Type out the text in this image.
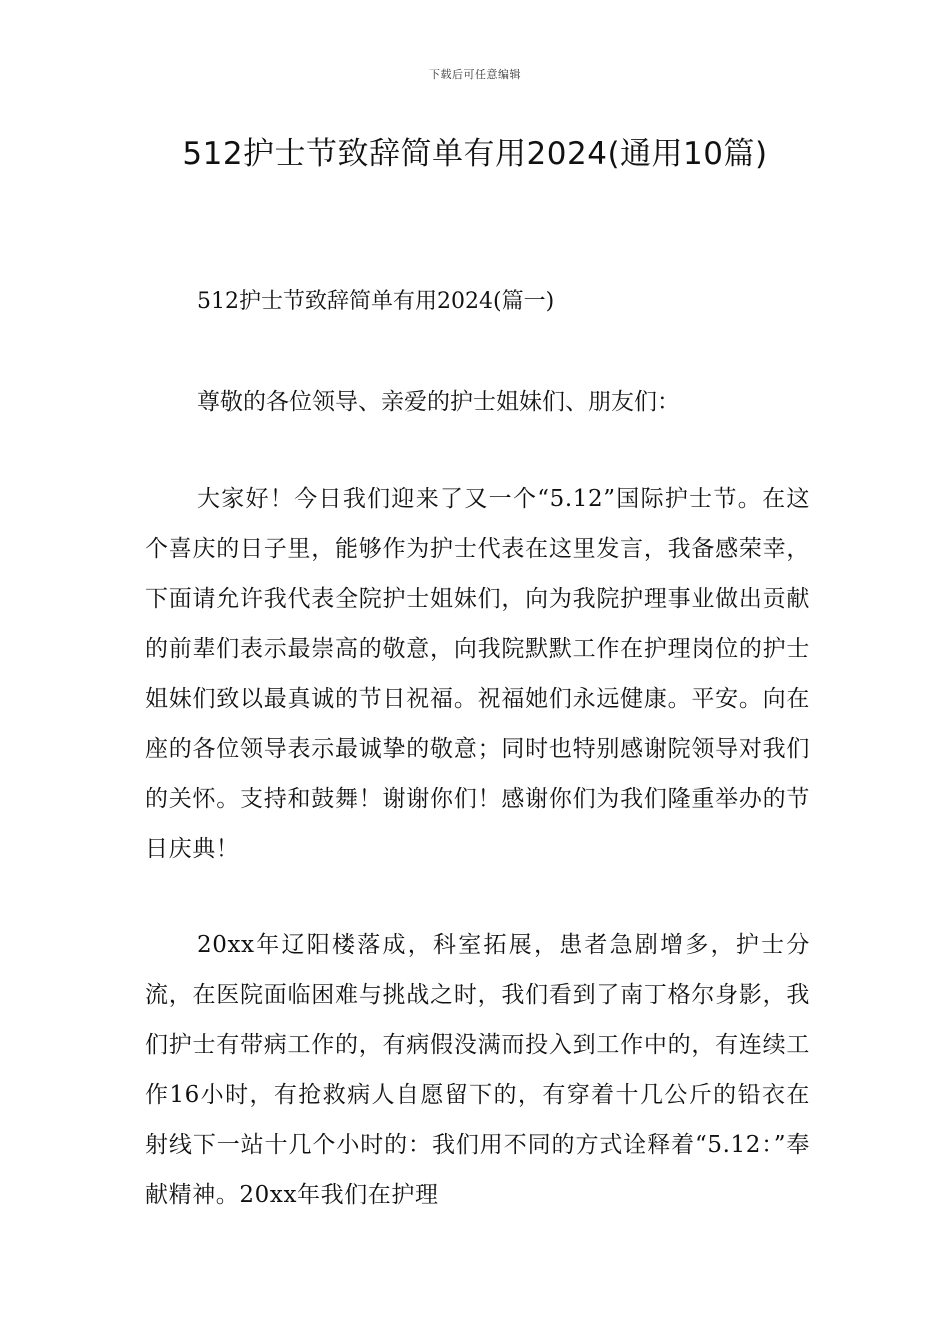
下载后可任意编辑
512护士节致辞简单有用2024(通用10篇)
512护士节致辞简单有用2024(篇一)

尊敬的各位领导、亲爱的护士姐妹们、朋友们：

大家好！今日我们迎来了又一个“5.12”国际护士节。在这个喜庆的日子里，能够作为护士代表在这里发言，我备感荣幸，下面请允许我代表全院护士姐妹们，向为我院护理事业做出贡献的前辈们表示最崇高的敬意，向我院默默工作在护理岗位的护士姐妹们致以最真诚的节日祝福。祝福她们永远健康。平安。向在座的各位领导表示最诚挚的敬意；同时也特别感谢院领导对我们的关怀。支持和鼓舞！谢谢你们！感谢你们为我们隆重举办的节日庆典！

20xx年辽阳楼落成，科室拓展，患者急剧增多，护士分流，在医院面临困难与挑战之时，我们看到了南丁格尔身影，我们护士有带病工作的，有病假没满而投入到工作中的，有连续工作16小时，有抢救病人自愿留下的，有穿着十几公斤的铅衣在射线下一站十几个小时的：我们用不同的方式诠释着“5.12：”奉献精神。20xx年我们在护理
